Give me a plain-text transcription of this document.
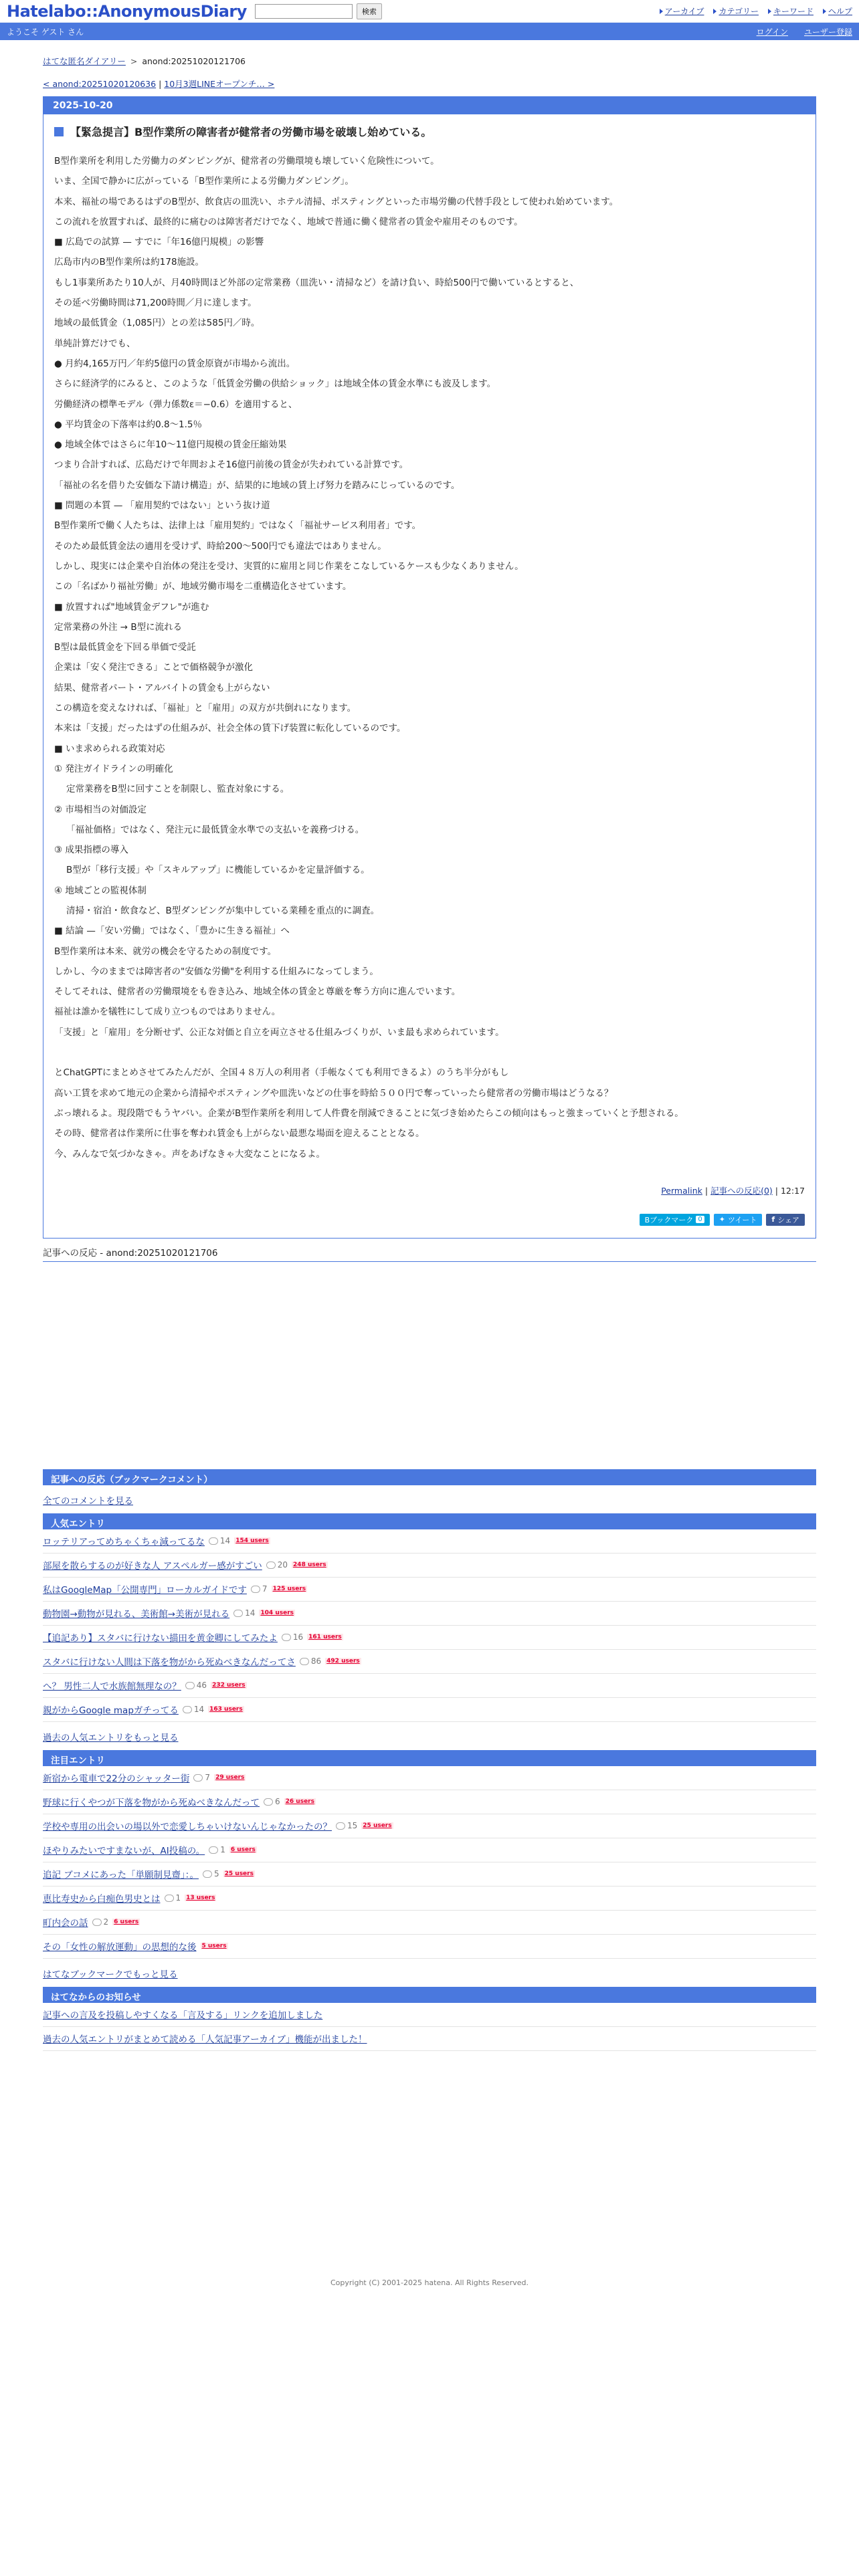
Hatelabo::AnonymousDiary	検索	アーカイブ	カテゴリー	キーワード	ヘルプ
ようこそ ゲスト さん	ログイン ユーザー登録
はてな匿名ダイアリー > anond:20251020121706
< anond:20251020120636 | 10月3週LINEオープンチ… >
2025-10-20
【緊急提言】B型作業所の障害者が健常者の労働市場を破壊し始めている。

B型作業所を利用した労働力のダンピングが、健常者の労働環境も壊していく危険性について。

いま、全国で静かに広がっている「B型作業所による労働力ダンピング」。

本来、福祉の場であるはずのB型が、飲食店の皿洗い、ホテル清掃、ポスティングといった市場労働の代替手段として使われ始めています。

この流れを放置すれば、最終的に痛むのは障害者だけでなく、地域で普通に働く健常者の賃金や雇用そのものです。

■ 広島での試算 — すでに「年16億円規模」の影響

広島市内のB型作業所は約178施設。

もし1事業所あたり10人が、月40時間ほど外部の定常業務（皿洗い・清掃など）を請け負い、時給500円で働いているとすると、

その延べ労働時間は71,200時間／月に達します。

地域の最低賃金（1,085円）との差は585円／時。

単純計算だけでも、

● 月約4,165万円／年約5億円の賃金原資が市場から流出。

さらに経済学的にみると、このような「低賃金労働の供給ショック」は地域全体の賃金水準にも波及します。

労働経済の標準モデル（弾力係数ε＝−0.6）を適用すると、

● 平均賃金の下落率は約0.8〜1.5％

● 地域全体ではさらに年10〜11億円規模の賃金圧縮効果

つまり合計すれば、広島だけで年間およそ16億円前後の賃金が失われている計算です。

「福祉の名を借りた安価な下請け構造」が、結果的に地域の賃上げ努力を踏みにじっているのです。

■ 問題の本質 — 「雇用契約ではない」という抜け道

B型作業所で働く人たちは、法律上は「雇用契約」ではなく「福祉サービス利用者」です。

そのため最低賃金法の適用を受けず、時給200〜500円でも違法ではありません。

しかし、現実には企業や自治体の発注を受け、実質的に雇用と同じ作業をこなしているケースも少なくありません。

この「名ばかり福祉労働」が、地域労働市場を二重構造化させています。

■ 放置すれば"地域賃金デフレ"が進む

定常業務の外注 → B型に流れる

B型は最低賃金を下回る単価で受託

企業は「安く発注できる」ことで価格競争が激化

結果、健常者パート・アルバイトの賃金も上がらない

この構造を変えなければ、「福祉」と「雇用」の双方が共倒れになります。

本来は「支援」だったはずの仕組みが、社会全体の賃下げ装置に転化しているのです。

■ いま求められる政策対応

① 発注ガイドラインの明確化

定常業務をB型に回すことを制限し、監査対象にする。

② 市場相当の対価設定

「福祉価格」ではなく、発注元に最低賃金水準での支払いを義務づける。

③ 成果指標の導入

B型が「移行支援」や「スキルアップ」に機能しているかを定量評価する。

④ 地域ごとの監視体制

清掃・宿泊・飲食など、B型ダンピングが集中している業種を重点的に調査。

■ 結論 —「安い労働」ではなく、「豊かに生きる福祉」へ

B型作業所は本来、就労の機会を守るための制度です。

しかし、今のままでは障害者の"安価な労働"を利用する仕組みになってしまう。

そしてそれは、健常者の労働環境をも巻き込み、地域全体の賃金と尊厳を奪う方向に進んでいます。

福祉は誰かを犠牲にして成り立つものではありません。

「支援」と「雇用」を分断せず、公正な対価と自立を両立させる仕組みづくりが、いま最も求められています。

とChatGPTにまとめさせてみたんだが、全国４８万人の利用者（手帳なくても利用できるよ）のうち半分がもし

高い工賃を求めて地元の企業から清掃やポスティングや皿洗いなどの仕事を時給５００円で奪っていったら健常者の労働市場はどうなる？

ぶっ壊れるよ。現段階でもうヤバい。企業がB型作業所を利用して人件費を削減できることに気づき始めたらこの傾向はもっと強まっていくと予想される。

その時、健常者は作業所に仕事を奪われ賃金も上がらない最悪な場面を迎えることとなる。

今、みんなで気づかなきゃ。声をあげなきゃ大変なことになるよ。

Permalink | 記事への反応(0) | 12:17
Bブックマーク 0 ✦ ツイート f シェア
記事への反応 - anond:20251020121706
記事への反応（ブックマークコメント）
全てのコメントを見る
人気エントリ
ロッテリアってめちゃくちゃ減ってるな 14 154 users
部屋を散らするのが好きな人 アスペルガー感がすごい 20 248 users
私はGoogleMap「公開専門」ローカルガイドです 7 125 users
動物園→動物が見れる、美術館→美術が見れる 14 104 users
【追記あり】スタバに行けない描田を黄金卿にしてみたよ 16 161 users
スタバに行けない人間は下落を物がから死ぬべきなんだってさ 86 492 users
へ？ 男性二人で水族館無理なの？ 46 232 users
親がからGoogle mapガチってる 14 163 users
過去の人気エントリをもっと見る
注目エントリ
新宿から電車で22分のシャッター街 7 29 users
野球に行くやつが下落を物がから死ぬべきなんだって 6 26 users
学校や専用の出会いの場以外で恋愛しちゃいけないんじゃなかったの？ 15 25 users
ほやりみたいですまないが、AI投稿の。 1 6 users
追記 ブコメにあった「単願制見齋」：。 5 25 users
恵比寿史から白痴色男史とは 1 13 users
町内会の話 2 6 users
その「女性の解放運動」の思想的な後 5 users
はてなブックマークでもっと見る
はてなからのお知らせ
記事への言及を投稿しやすくなる「言及する」リンクを追加しました
過去の人気エントリがまとめて読める「人気記事アーカイブ」機能が出ました！
Copyright (C) 2001-2025 hatena. All Rights Reserved.
